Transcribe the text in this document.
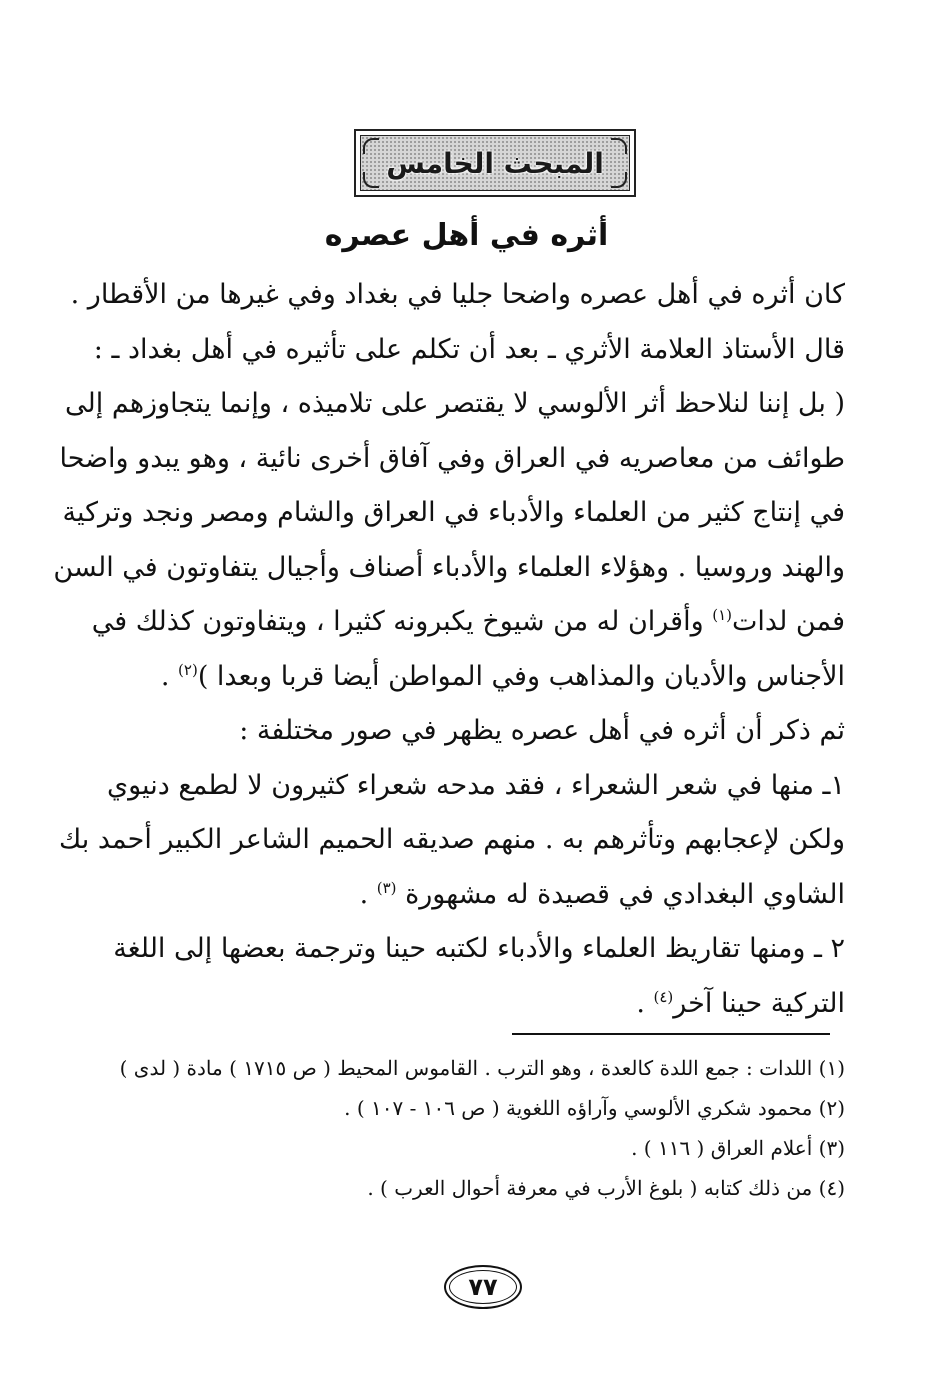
المبحث الخامس
أثره في أهل عصره
كان أثره في أهل عصره واضحا جليا في بغداد وفي غيرها من الأقطار .
قال الأستاذ العلامة الأثري ـ بعد أن تكلم على تأثيره في أهل بغداد ـ :
( بل إننا لنلاحظ أثر الألوسي لا يقتصر على تلاميذه ، وإنما يتجاوزهم إلى
طوائف من معاصريه في العراق وفي آفاق أخرى نائية ، وهو يبدو واضحا
في إنتاج كثير من العلماء والأدباء في العراق والشام ومصر ونجد وتركية
والهند وروسيا . وهؤلاء العلماء والأدباء أصناف وأجيال يتفاوتون في السن
فمن لدات$^{(١)}$ وأقران له من شيوخ يكبرونه كثيرا ، ويتفاوتون كذلك في
الأجناس والأديان والمذاهب وفي المواطن أيضا قربا وبعدا )$^{(٢)}$ .
ثم ذكر أن أثره في أهل عصره يظهر في صور مختلفة :
١ـ منها في شعر الشعراء ، فقد مدحه شعراء كثيرون لا لطمع دنيوي
ولكن لإعجابهم وتأثرهم به . منهم صديقه الحميم الشاعر الكبير أحمد بك
الشاوي البغدادي في قصيدة له مشهورة $^{(٣)}$ .
٢ ـ ومنها تقاريظ العلماء والأدباء لكتبه حينا وترجمة بعضها إلى اللغة
التركية حينا آخر$^{(٤)}$ .
(١) اللدات : جمع اللدة كالعدة ، وهو الترب . القاموس المحيط ( ص ١٧١٥ ) مادة ( لدى )
(٢) محمود شكري الألوسي وآراؤه اللغوية ( ص ١٠٦ - ١٠٧ ) .
(٣) أعلام العراق ( ١١٦ ) .
(٤) من ذلك كتابه ( بلوغ الأرب في معرفة أحوال العرب ) .
٧٧
